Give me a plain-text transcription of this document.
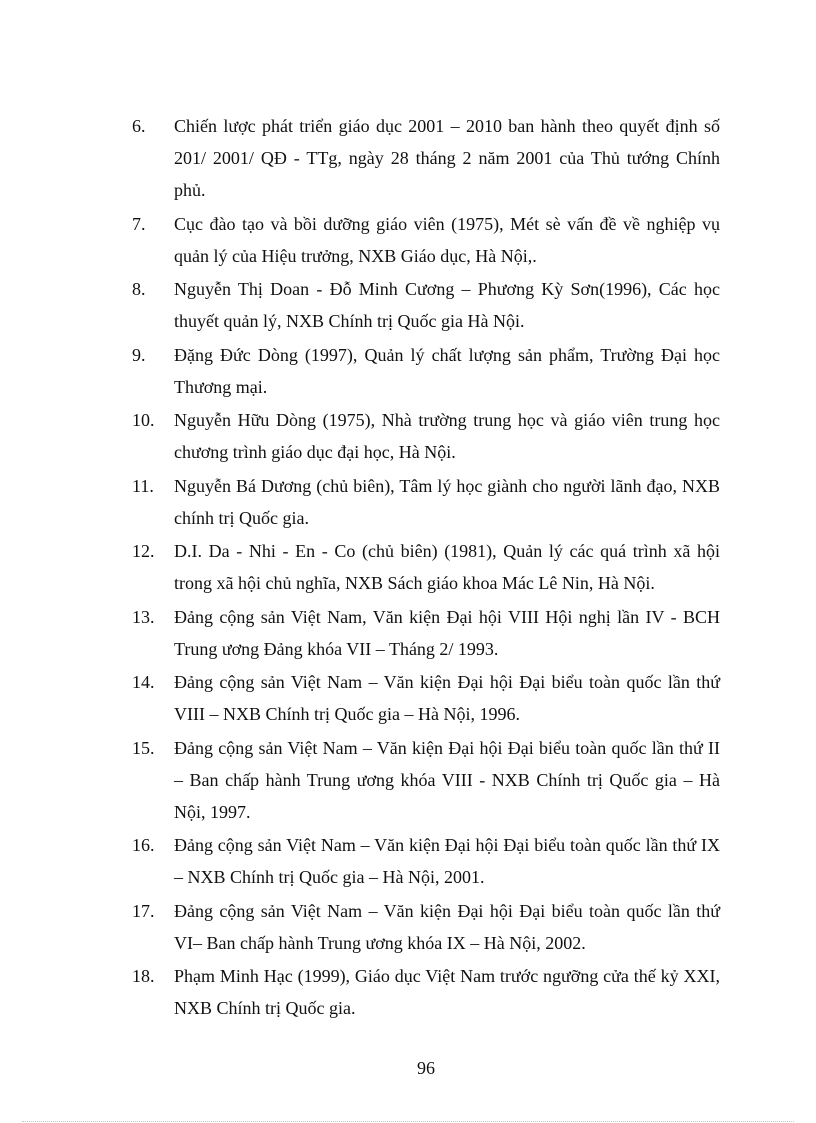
6.	Chiến lược phát triển giáo dục 2001 – 2010 ban hành theo quyết định số 201/ 2001/ QĐ - TTg, ngày 28 tháng 2 năm 2001 của Thủ tướng Chính phủ.
7.	Cục đào tạo và bồi dưỡng giáo viên (1975), Mét sè vấn đề về nghiệp vụ quản lý của Hiệu trưởng, NXB Giáo dục, Hà Nội,.
8.	Nguyễn Thị Doan - Đỗ Minh Cương – Phương Kỳ Sơn(1996), Các học thuyết quản lý, NXB Chính trị Quốc gia Hà Nội.
9.	Đặng Đức Dòng (1997), Quản lý chất lượng sản phẩm, Trường Đại học Thương mại.
10.	Nguyễn Hữu Dòng (1975), Nhà trường trung học và giáo viên trung học chương trình giáo dục đại học, Hà Nội.
11.	Nguyễn Bá Dương (chủ biên), Tâm lý học giành cho người lãnh đạo, NXB chính trị Quốc gia.
12.	D.I. Da - Nhi - En - Co (chủ biên) (1981), Quản lý các quá trình xã hội trong xã hội chủ nghĩa, NXB Sách giáo khoa Mác Lê Nin, Hà Nội.
13.	Đảng cộng sản Việt Nam, Văn kiện Đại hội VIII Hội nghị lần IV - BCH Trung ương Đảng khóa VII – Tháng 2/ 1993.
14.	Đảng cộng sản Việt Nam – Văn kiện Đại hội Đại biểu toàn quốc lần thứ VIII – NXB Chính trị Quốc gia – Hà Nội, 1996.
15.	Đảng cộng sản Việt Nam – Văn kiện Đại hội Đại biểu toàn quốc lần thứ II – Ban chấp hành Trung ương khóa VIII - NXB Chính trị Quốc gia – Hà Nội, 1997.
16.	Đảng cộng sản Việt Nam – Văn kiện Đại hội Đại biểu toàn quốc lần thứ IX – NXB Chính trị Quốc gia – Hà Nội, 2001.
17.	Đảng cộng sản Việt Nam – Văn kiện Đại hội Đại biểu toàn quốc lần thứ VI– Ban chấp hành Trung ương khóa IX – Hà Nội, 2002.
18.	Phạm Minh Hạc (1999), Giáo dục Việt Nam trước ngưỡng cửa thế kỷ XXI, NXB Chính trị Quốc gia.
96
